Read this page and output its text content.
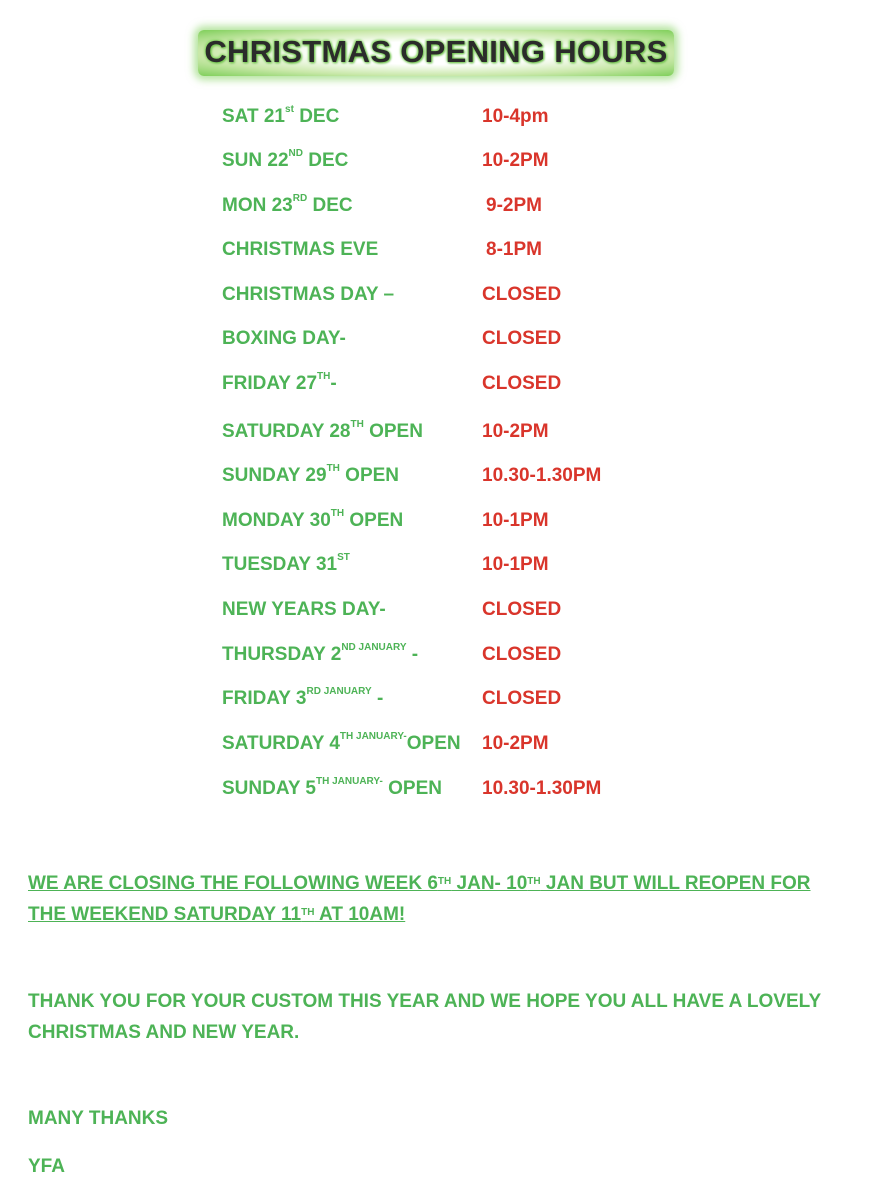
CHRISTMAS OPENING HOURS
SAT 21st DEC	10-4pm
SUN 22ND DEC	10-2PM
MON 23RD DEC	9-2PM
CHRISTMAS EVE	8-1PM
CHRISTMAS DAY –	CLOSED
BOXING DAY-	CLOSED
FRIDAY 27TH-	CLOSED
SATURDAY 28TH OPEN	10-2PM
SUNDAY 29TH OPEN	10.30-1.30PM
MONDAY 30TH OPEN	10-1PM
TUESDAY 31ST	10-1PM
NEW YEARS DAY-	CLOSED
THURSDAY $2^{ND JANUARY}$ -	CLOSED
FRIDAY $3^{RD JANUARY}$ -	CLOSED
SATURDAY $4^{TH JANUARY-}OPEN$ 10-2PM
SUNDAY $5^{TH JANUARY-}$ OPEN 10.30-1.30PM
WE ARE CLOSING THE FOLLOWING WEEK 6TH JAN- 10TH JAN BUT WILL REOPEN FOR THE WEEKEND SATURDAY 11TH AT 10AM!
THANK YOU FOR YOUR CUSTOM THIS YEAR AND WE HOPE YOU ALL HAVE A LOVELY CHRISTMAS AND NEW YEAR.
MANY THANKS
YFA
